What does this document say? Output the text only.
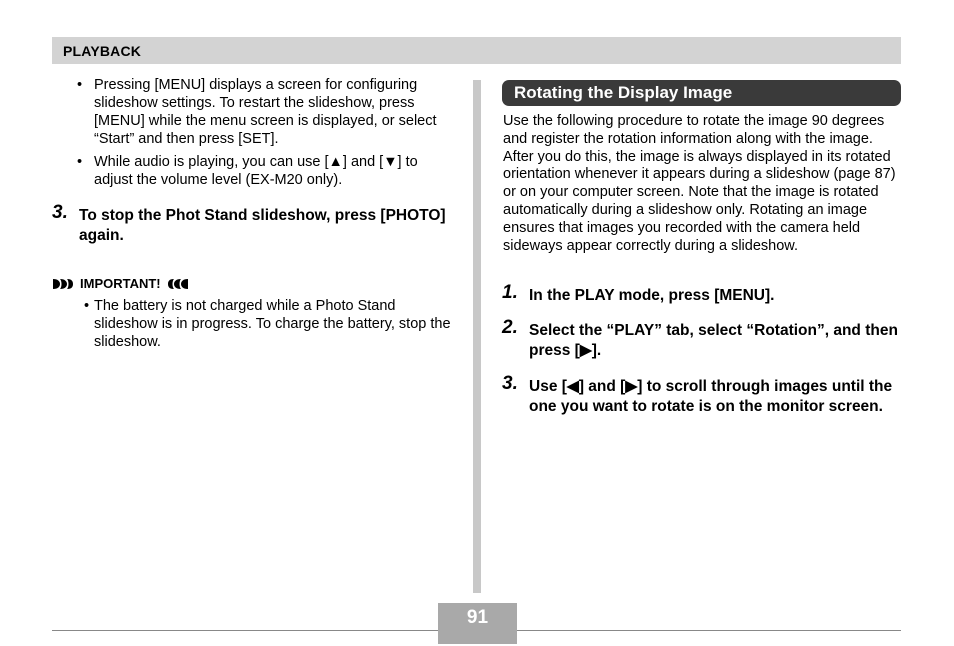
PLAYBACK
• Pressing [MENU] displays a screen for configuring slideshow settings. To restart the slideshow, press [MENU] while the menu screen is displayed, or select “Start” and then press [SET].
• While audio is playing, you can use [▲] and [▼] to adjust the volume level (EX-M20 only).
3. To stop the Phot Stand slideshow, press [PHOTO] again.
IMPORTANT!
• The battery is not charged while a Photo Stand slideshow is in progress. To charge the battery, stop the slideshow.
Rotating the Display Image

Use the following procedure to rotate the image 90 degrees and register the rotation information along with the image. After you do this, the image is always displayed in its rotated orientation whenever it appears during a slideshow (page 87) or on your computer screen. Note that the image is rotated automatically during a slideshow only. Rotating an image ensures that images you recorded with the camera held sideways appear correctly during a slideshow.

1. In the PLAY mode, press [MENU].
2. Select the “PLAY” tab, select “Rotation”, and then press [▶].
3. Use [◀] and [▶] to scroll through images until the one you want to rotate is on the monitor screen.
91
